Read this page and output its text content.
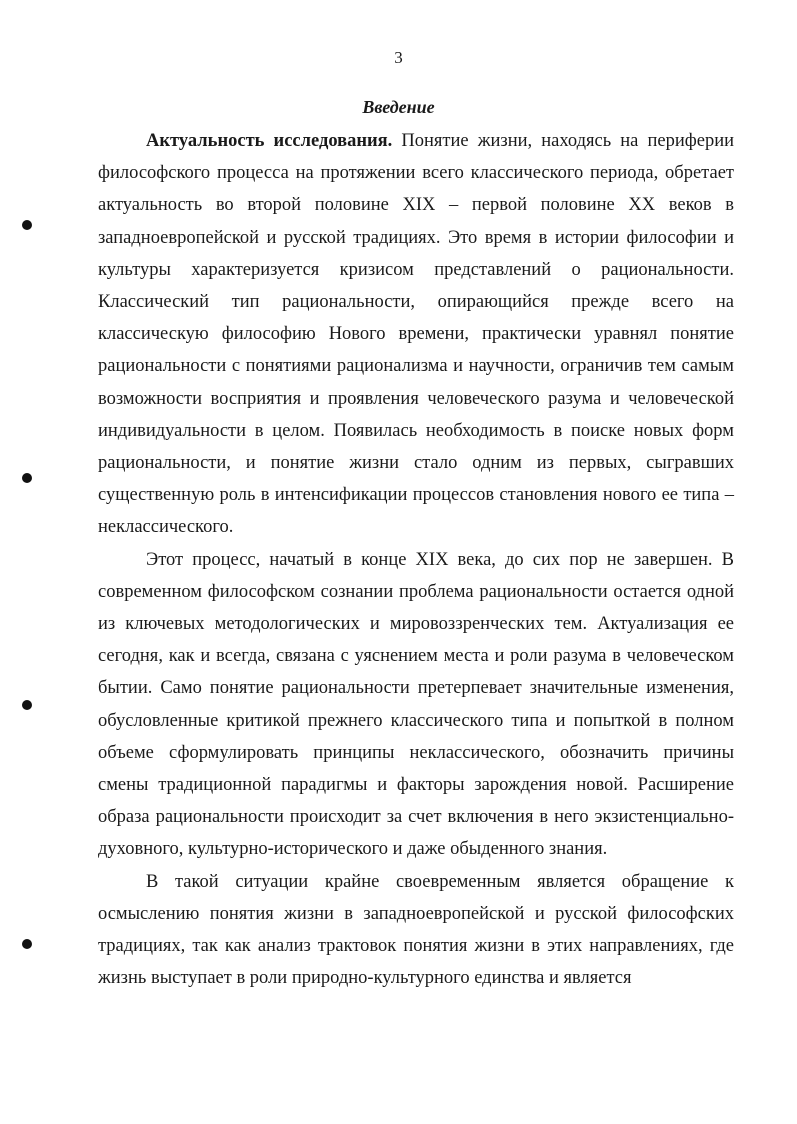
3
Введение

Актуальность исследования. Понятие жизни, находясь на периферии философского процесса на протяжении всего классического периода, обретает актуальность во второй половине XIX – первой половине XX веков в западноевропейской и русской традициях. Это время в истории философии и культуры характеризуется кризисом представлений о рациональности. Классический тип рациональности, опирающийся прежде всего на классическую философию Нового времени, практически уравнял понятие рациональности с понятиями рационализма и научности, ограничив тем самым возможности восприятия и проявления человеческого разума и человеческой индивидуальности в целом. Появилась необходимость в поиске новых форм рациональности, и понятие жизни стало одним из первых, сыгравших существенную роль в интенсификации процессов становления нового ее типа – неклассического.

Этот процесс, начатый в конце XIX века, до сих пор не завершен. В современном философском сознании проблема рациональности остается одной из ключевых методологических и мировоззренческих тем. Актуализация ее сегодня, как и всегда, связана с уяснением места и роли разума в человеческом бытии. Само понятие рациональности претерпевает значительные изменения, обусловленные критикой прежнего классического типа и попыткой в полном объеме сформулировать принципы неклассического, обозначить причины смены традиционной парадигмы и факторы зарождения новой. Расширение образа рациональности происходит за счет включения в него экзистенциально-духовного, культурно-исторического и даже обыденного знания.

В такой ситуации крайне своевременным является обращение к осмыслению понятия жизни в западноевропейской и русской философских традициях, так как анализ трактовок понятия жизни в этих направлениях, где жизнь выступает в роли природно-культурного единства и является
